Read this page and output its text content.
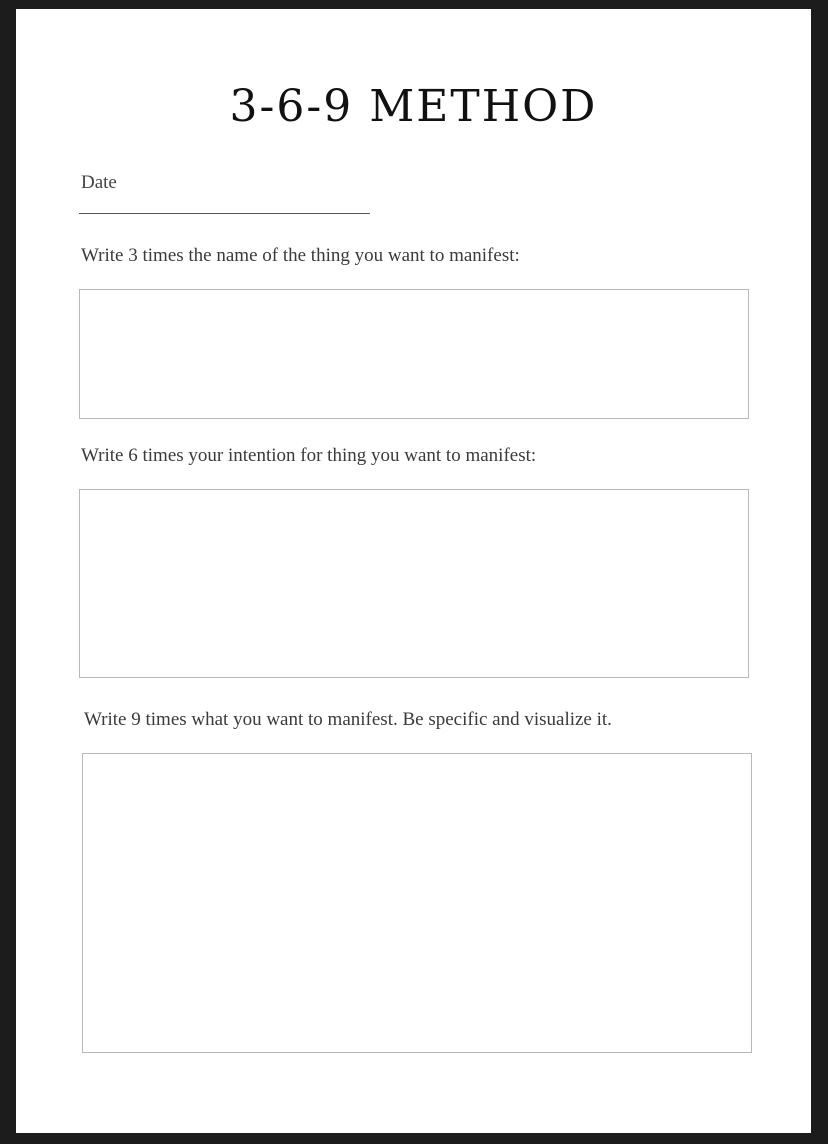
3-6-9 METHOD
Date
Write 3 times the name of the thing you want to manifest:
Write 6 times your intention for thing you want to manifest:
Write 9 times what you want to manifest. Be specific and visualize it.
